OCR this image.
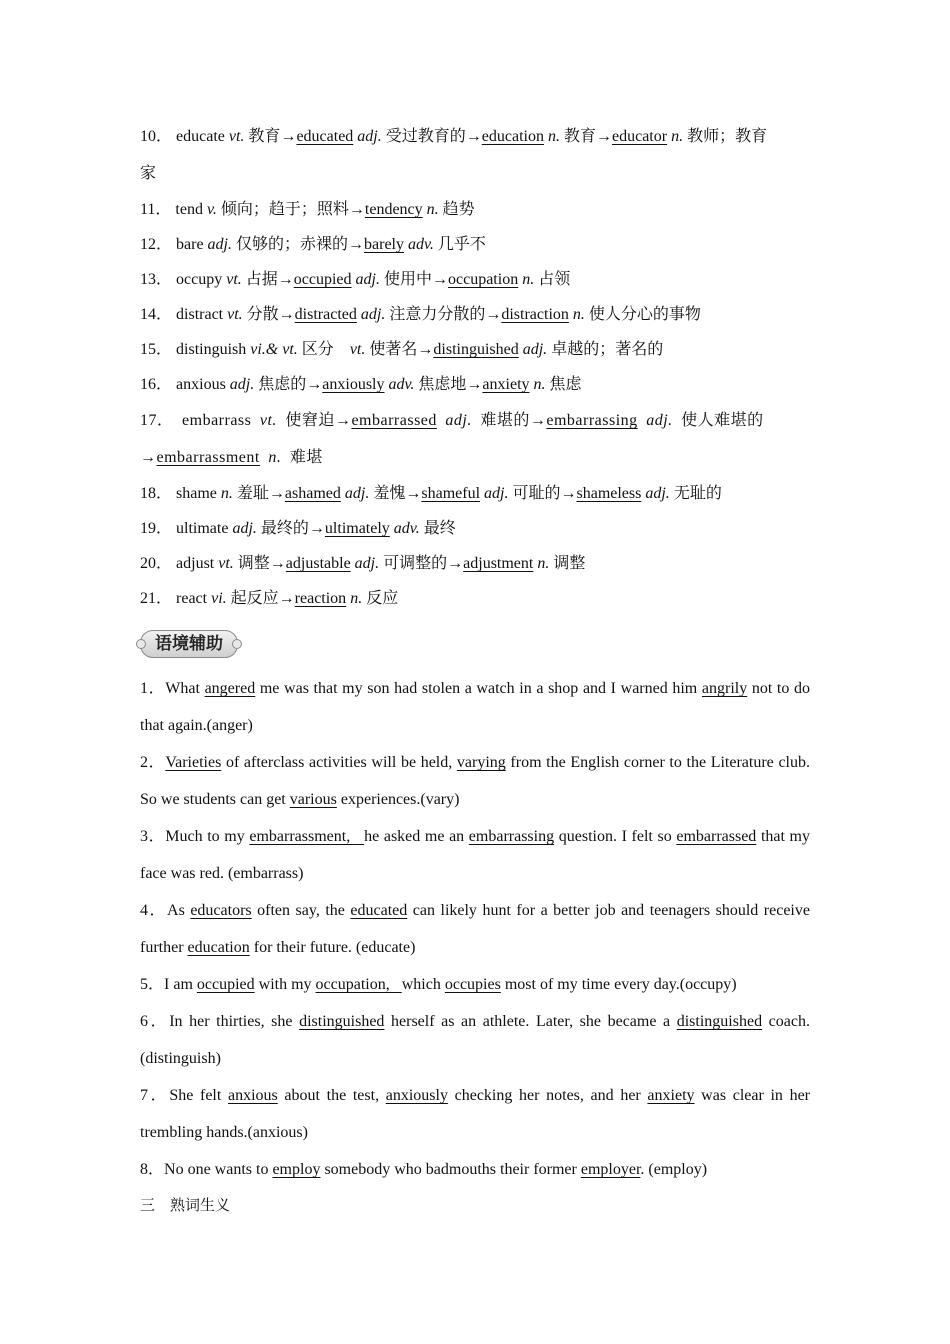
10． educate vt. 教育→educated adj. 受过教育的→education n. 教育→educator n. 教师；教育
家

11． tend v. 倾向；趋于；照料→tendency n. 趋势

12． bare adj. 仅够的；赤裸的→barely adv. 几乎不

13． occupy vt. 占据→occupied adj. 使用中→occupation n. 占领

14． distract vt. 分散→distracted adj. 注意力分散的→distraction n. 使人分心的事物

15． distinguish vi.& vt. 区分　 vt. 使著名→distinguished adj. 卓越的；著名的

16． anxious adj. 焦虑的→anxiously adv. 焦虑地→anxiety n. 焦虑

17． embarrass vt. 使窘迫→embarrassed adj. 难堪的→embarrassing adj. 使人难堪的
→embarrassment n. 难堪

18． shame n. 羞耻→ashamed adj. 羞愧→shameful adj. 可耻的→shameless adj. 无耻的

19． ultimate adj. 最终的→ultimately adv. 最终

20． adjust vt. 调整→adjustable adj. 可调整的→adjustment n. 调整

21． react vi. 起反应→reaction n. 反应

语境辅助

1．What angered me was that my son had stolen a watch in a shop and I warned him angrily not to do that again.(anger)

2．Varieties of afterclass activities will be held, varying from the English corner to the Literature club. So we students can get various experiences.(vary)

3．Much to my embarrassment,   he asked me an embarrassing question. I felt so embarrassed that my face was red. (embarrass)

4．As educators often say, the educated can likely hunt for a better job and teenagers should receive further education for their future. (educate)

5．I am occupied with my occupation,   which occupies most of my time every day.(occupy)

6．In her thirties, she distinguished herself as an athlete. Later, she became a distinguished coach. (distinguish)

7．She felt anxious about the test, anxiously checking her notes, and her anxiety was clear in her trembling hands.(anxious)

8．No one wants to employ somebody who badmouths their former employer. (employ)

三　熟词生义
